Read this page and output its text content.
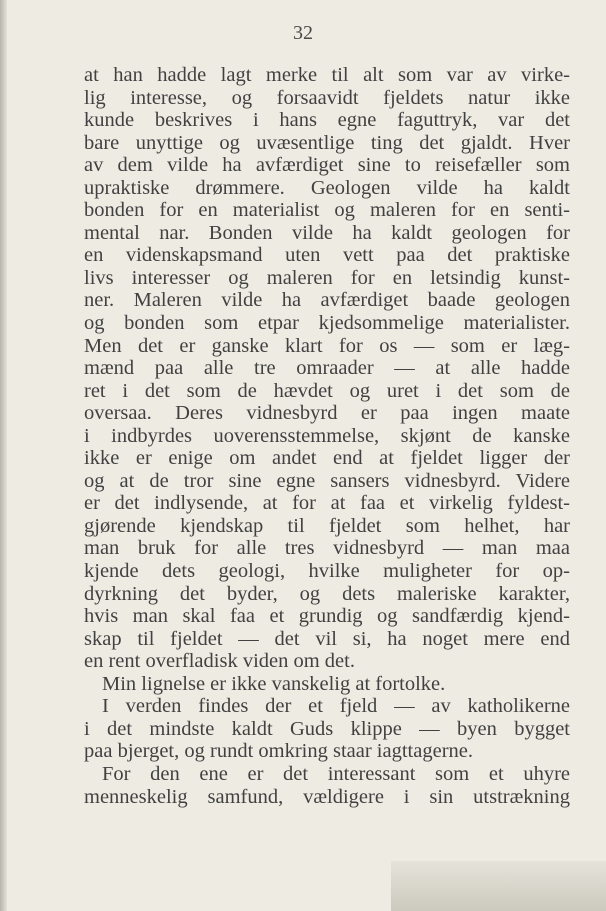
32
at han hadde lagt merke til alt som var av virke-
lig interesse, og forsaavidt fjeldets natur ikke
kunde beskrives i hans egne faguttryk, var det
bare unyttige og uvæsentlige ting det gjaldt. Hver
av dem vilde ha avfærdiget sine to reisefæller som
upraktiske drømmere. Geologen vilde ha kaldt
bonden for en materialist og maleren for en senti-
mental nar. Bonden vilde ha kaldt geologen for
en videnskapsmand uten vett paa det praktiske
livs interesser og maleren for en letsindig kunst-
ner. Maleren vilde ha avfærdiget baade geologen
og bonden som etpar kjedsommelige materialister.
Men det er ganske klart for os — som er læg-
mænd paa alle tre omraader — at alle hadde
ret i det som de hævdet og uret i det som de
oversaa. Deres vidnesbyrd er paa ingen maate
i indbyrdes uoverensstemmelse, skjønt de kanske
ikke er enige om andet end at fjeldet ligger der
og at de tror sine egne sansers vidnesbyrd. Videre
er det indlysende, at for at faa et virkelig fyldest-
gjørende kjendskap til fjeldet som helhet, har
man bruk for alle tres vidnesbyrd — man maa
kjende dets geologi, hvilke muligheter for op-
dyrkning det byder, og dets maleriske karakter,
hvis man skal faa et grundig og sandfærdig kjend-
skap til fjeldet — det vil si, ha noget mere end
en rent overfladisk viden om det.
Min lignelse er ikke vanskelig at fortolke.
I verden findes der et fjeld — av katholikerne
i det mindste kaldt Guds klippe — byen bygget
paa bjerget, og rundt omkring staar iagttagerne.
For den ene er det interessant som et uhyre
menneskelig samfund, vældigere i sin utstrækning
